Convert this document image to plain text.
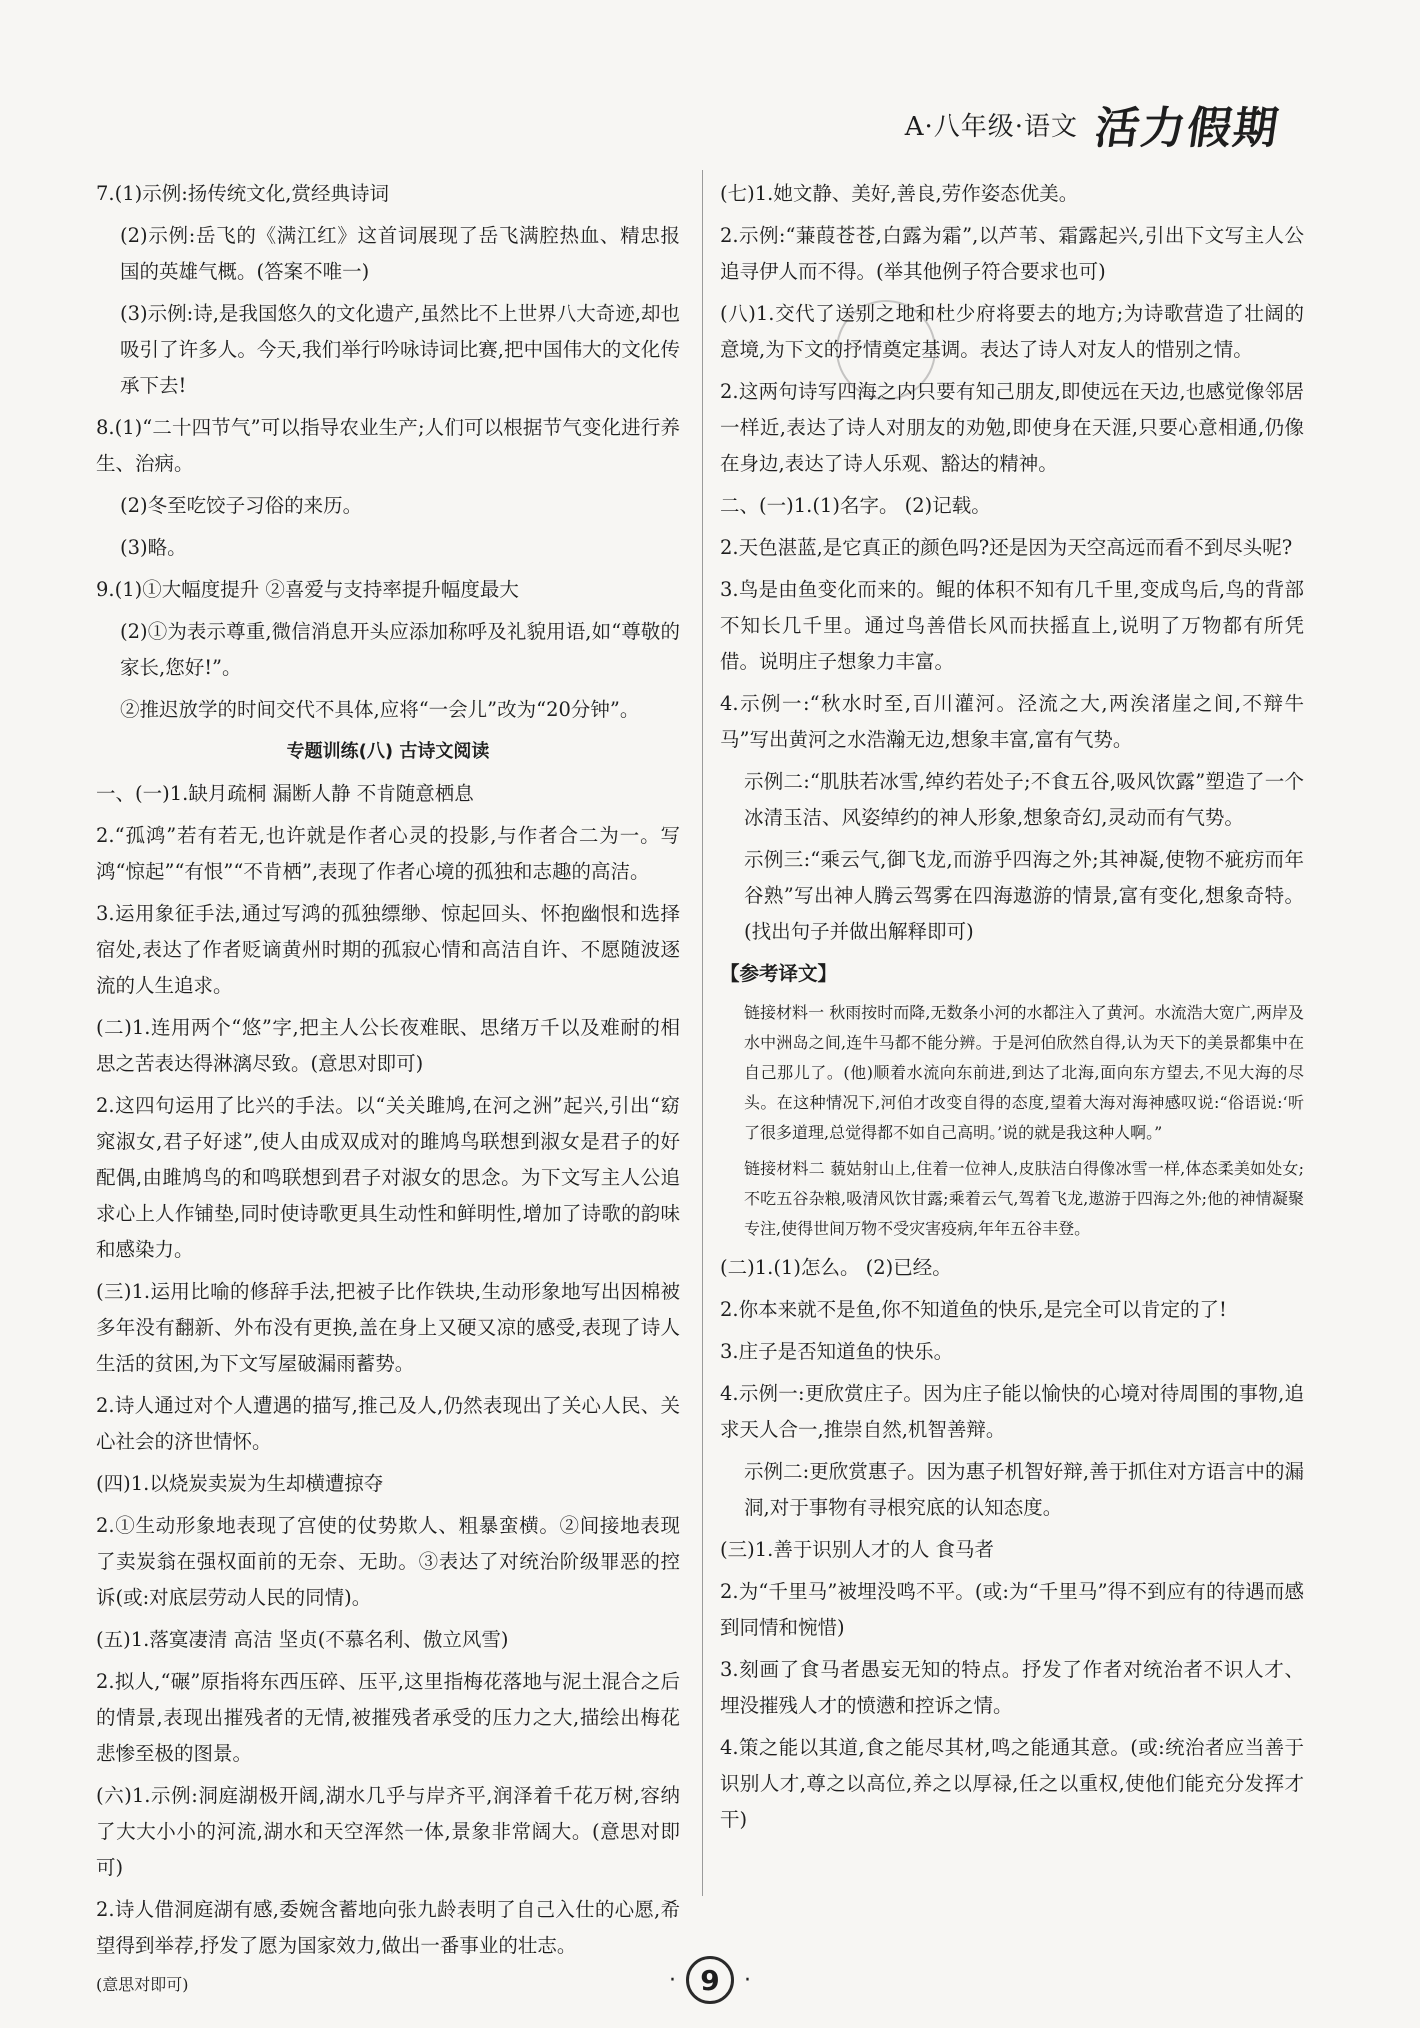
A·八年级·语文 活力假期

7.(1)示例:扬传统文化,赏经典诗词

(2)示例:岳飞的《满江红》这首词展现了岳飞满腔热血、精忠报国的英雄气概。(答案不唯一)

(3)示例:诗,是我国悠久的文化遗产,虽然比不上世界八大奇迹,却也吸引了许多人。今天,我们举行吟咏诗词比赛,把中国伟大的文化传承下去!

8.(1)“二十四节气”可以指导农业生产;人们可以根据节气变化进行养生、治病。

(2)冬至吃饺子习俗的来历。

(3)略。

9.(1)①大幅度提升 ②喜爱与支持率提升幅度最大

(2)①为表示尊重,微信消息开头应添加称呼及礼貌用语,如“尊敬的家长,您好!”。

②推迟放学的时间交代不具体,应将“一会儿”改为“20分钟”。

专题训练(八) 古诗文阅读

一、(一)1.缺月疏桐 漏断人静 不肯随意栖息

2.“孤鸿”若有若无,也许就是作者心灵的投影,与作者合二为一。写鸿“惊起”“有恨”“不肯栖”,表现了作者心境的孤独和志趣的高洁。

3.运用象征手法,通过写鸿的孤独缥缈、惊起回头、怀抱幽恨和选择宿处,表达了作者贬谪黄州时期的孤寂心情和高洁自许、不愿随波逐流的人生追求。

(二)1.连用两个“悠”字,把主人公长夜难眠、思绪万千以及难耐的相思之苦表达得淋漓尽致。(意思对即可)

2.这四句运用了比兴的手法。以“关关雎鸠,在河之洲”起兴,引出“窈窕淑女,君子好逑”,使人由成双成对的雎鸠鸟联想到淑女是君子的好配偶,由雎鸠鸟的和鸣联想到君子对淑女的思念。为下文写主人公追求心上人作铺垫,同时使诗歌更具生动性和鲜明性,增加了诗歌的韵味和感染力。

(三)1.运用比喻的修辞手法,把被子比作铁块,生动形象地写出因棉被多年没有翻新、外布没有更换,盖在身上又硬又凉的感受,表现了诗人生活的贫困,为下文写屋破漏雨蓄势。

2.诗人通过对个人遭遇的描写,推己及人,仍然表现出了关心人民、关心社会的济世情怀。

(四)1.以烧炭卖炭为生却横遭掠夺

2.①生动形象地表现了宫使的仗势欺人、粗暴蛮横。②间接地表现了卖炭翁在强权面前的无奈、无助。③表达了对统治阶级罪恶的控诉(或:对底层劳动人民的同情)。

(五)1.落寞凄清 高洁 坚贞(不慕名利、傲立风雪)

2.拟人,“碾”原指将东西压碎、压平,这里指梅花落地与泥土混合之后的情景,表现出摧残者的无情,被摧残者承受的压力之大,描绘出梅花悲惨至极的图景。

(六)1.示例:洞庭湖极开阔,湖水几乎与岸齐平,润泽着千花万树,容纳了大大小小的河流,湖水和天空浑然一体,景象非常阔大。(意思对即可)

2.诗人借洞庭湖有感,委婉含蓄地向张九龄表明了自己入仕的心愿,希望得到举荐,抒发了愿为国家效力,做出一番事业的壮志。

(意思对即可)

(七)1.她文静、美好,善良,劳作姿态优美。

2.示例:“蒹葭苍苍,白露为霜”,以芦苇、霜露起兴,引出下文写主人公追寻伊人而不得。(举其他例子符合要求也可)

(八)1.交代了送别之地和杜少府将要去的地方;为诗歌营造了壮阔的意境,为下文的抒情奠定基调。表达了诗人对友人的惜别之情。

2.这两句诗写四海之内只要有知己朋友,即使远在天边,也感觉像邻居一样近,表达了诗人对朋友的劝勉,即使身在天涯,只要心意相通,仍像在身边,表达了诗人乐观、豁达的精神。

二、(一)1.(1)名字。 (2)记载。

2.天色湛蓝,是它真正的颜色吗?还是因为天空高远而看不到尽头呢?

3.鸟是由鱼变化而来的。鲲的体积不知有几千里,变成鸟后,鸟的背部不知长几千里。通过鸟善借长风而扶摇直上,说明了万物都有所凭借。说明庄子想象力丰富。

4.示例一:“秋水时至,百川灌河。泾流之大,两涘渚崖之间,不辩牛马”写出黄河之水浩瀚无边,想象丰富,富有气势。

示例二:“肌肤若冰雪,绰约若处子;不食五谷,吸风饮露”塑造了一个冰清玉洁、风姿绰约的神人形象,想象奇幻,灵动而有气势。

示例三:“乘云气,御飞龙,而游乎四海之外;其神凝,使物不疵疠而年谷熟”写出神人腾云驾雾在四海遨游的情景,富有变化,想象奇特。(找出句子并做出解释即可)

【参考译文】

链接材料一 秋雨按时而降,无数条小河的水都注入了黄河。水流浩大宽广,两岸及水中洲岛之间,连牛马都不能分辨。于是河伯欣然自得,认为天下的美景都集中在自己那儿了。(他)顺着水流向东前进,到达了北海,面向东方望去,不见大海的尽头。在这种情况下,河伯才改变自得的态度,望着大海对海神感叹说:“俗语说:‘听了很多道理,总觉得都不如自己高明。’说的就是我这种人啊。”

链接材料二 藐姑射山上,住着一位神人,皮肤洁白得像冰雪一样,体态柔美如处女;不吃五谷杂粮,吸清风饮甘露;乘着云气,驾着飞龙,遨游于四海之外;他的神情凝聚专注,使得世间万物不受灾害疫病,年年五谷丰登。

(二)1.(1)怎么。 (2)已经。

2.你本来就不是鱼,你不知道鱼的快乐,是完全可以肯定的了!

3.庄子是否知道鱼的快乐。

4.示例一:更欣赏庄子。因为庄子能以愉快的心境对待周围的事物,追求天人合一,推崇自然,机智善辩。

示例二:更欣赏惠子。因为惠子机智好辩,善于抓住对方语言中的漏洞,对于事物有寻根究底的认知态度。

(三)1.善于识别人才的人 食马者

2.为“千里马”被埋没鸣不平。(或:为“千里马”得不到应有的待遇而感到同情和惋惜)

3.刻画了食马者愚妄无知的特点。抒发了作者对统治者不识人才、埋没摧残人才的愤懑和控诉之情。

4.策之能以其道,食之能尽其材,鸣之能通其意。(或:统治者应当善于识别人才,尊之以高位,养之以厚禄,任之以重权,使他们能充分发挥才干)

· 9	·
